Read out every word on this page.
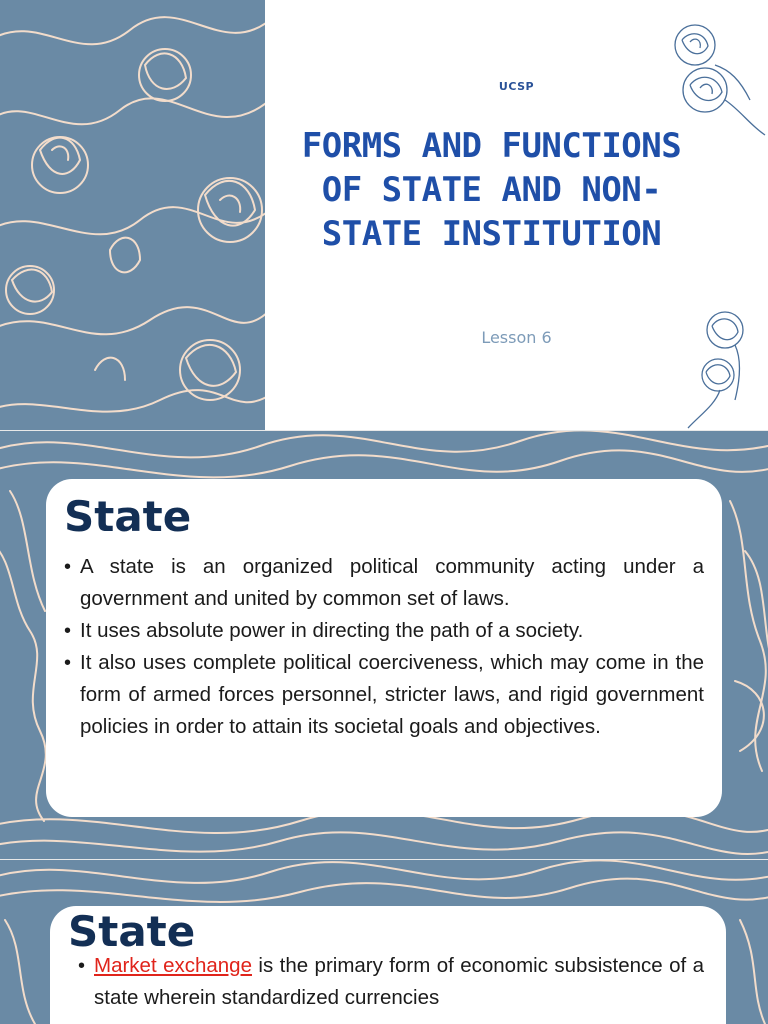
UCSP
FORMS AND FUNCTIONS OF STATE AND NON-STATE INSTITUTION
Lesson 6
State
• A state is an organized political community acting under a government and united by common set of laws.
• It uses absolute power in directing the path of a society.
• It also uses complete political coerciveness, which may come in the form of armed forces personnel, stricter laws, and rigid government policies in order to attain its societal goals and objectives.
State
• Market exchange is the primary form of economic subsistence of a state wherein standardized currencies
